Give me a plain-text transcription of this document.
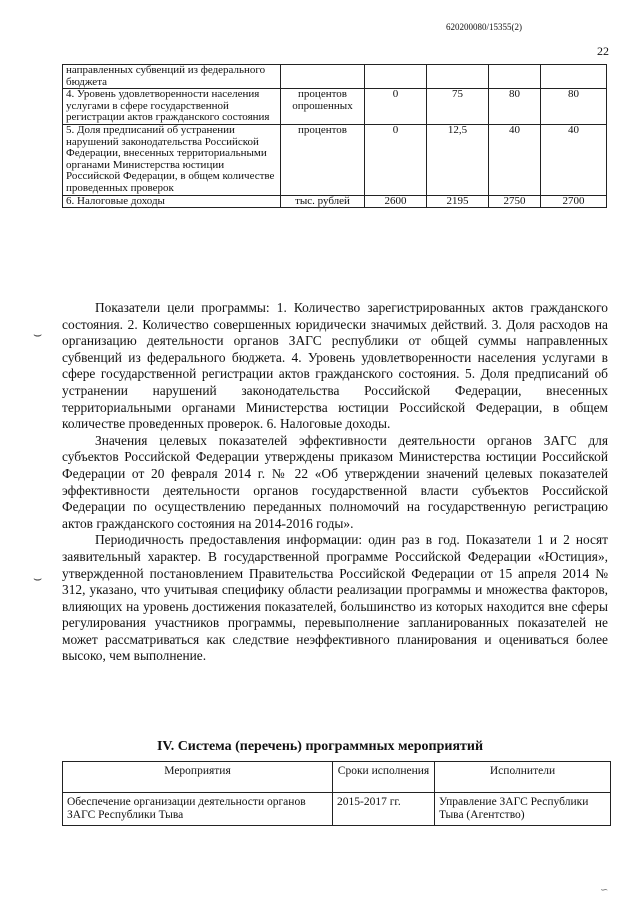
620200080/15355(2)
22
направленных субвенций из федерального бюджета					
4. Уровень удовлетворенности населения услугами в сфере государственной регистрации актов гражданского состояния	процентов опрошенных	0	75	80	80
5. Доля предписаний об устранении нарушений законодательства Российской Федерации, внесенных территориальными органами Министерства юстиции Российской Федерации, в общем количестве проведенных проверок	процентов	0	12,5	40	40
6. Налоговые доходы	тыс. рублей	2600	2195	2750	2700

Показатели цели программы: 1. Количество зарегистрированных актов гражданского состояния. 2. Количество совершенных юридически значимых действий. 3. Доля расходов на организацию деятельности органов ЗАГС республики от общей суммы направленных субвенций из федерального бюджета. 4. Уровень удовлетворенности населения услугами в сфере государственной регистрации актов гражданского состояния. 5. Доля предписаний об устранении нарушений законодательства Российской Федерации, внесенных территориальными органами Министерства юстиции Российской Федерации, в общем количестве проведенных проверок. 6. Налоговые доходы.

Значения целевых показателей эффективности деятельности органов ЗАГС для субъектов Российской Федерации утверждены приказом Министерства юстиции Российской Федерации от 20 февраля 2014 г. № 22 «Об утверждении значений целевых показателей эффективности деятельности органов государственной власти субъектов Российской Федерации по осуществлению переданных полномочий на государственную регистрацию актов гражданского состояния на 2014-2016 годы».

Периодичность предоставления информации: один раз в год. Показатели 1 и 2 носят заявительный характер. В государственной программе Российской Федерации «Юстиция», утвержденной постановлением Правительства Российской Федерации от 15 апреля 2014 № 312, указано, что учитывая специфику области реализации программы и множества факторов, влияющих на уровень достижения показателей, большинство из которых находится вне сферы регулирования участников программы, перевыполнение запланированных показателей не может рассматриваться как следствие неэффективного планирования и оцениваться более высоко, чем выполнение.

IV. Система (перечень) программных мероприятий
Мероприятия	Сроки исполнения	Исполнители
Обеспечение организации деятельности органов ЗАГС Республики Тыва	2015-2017 гг.	Управление ЗАГС Республики Тыва (Агентство)
⌣
⌣
∽
